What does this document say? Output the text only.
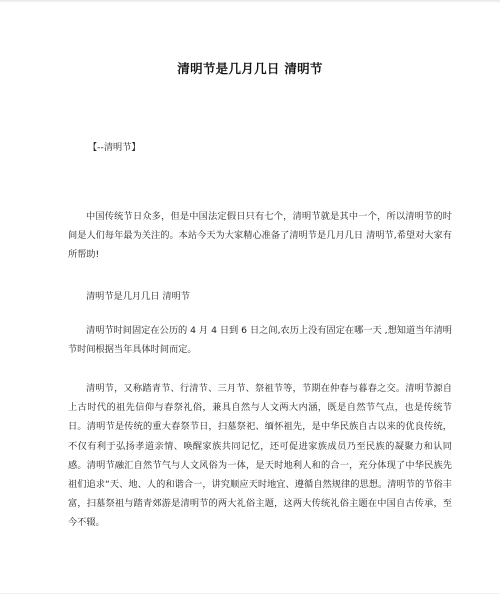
清明节是几月几日 清明节
【--清明节】

中国传统节日众多，但是中国法定假日只有七个，清明节就是其中一个，所以清明节的时间是人们每年最为关注的。本站今天为大家精心准备了清明节是几月几日 清明节,希望对大家有所帮助!

清明节是几月几日 清明节

清明节时间固定在公历的 4 月 4 日到 6 日之间,农历上没有固定在哪一天 ,想知道当年清明节时间根据当年具体时间而定。

清明节，又称踏青节、行清节、三月节、祭祖节等，节期在仲春与暮春之交。清明节源自上古时代的祖先信仰与春祭礼俗，兼具自然与人文两大内涵，既是自然节气点，也是传统节日。清明节是传统的重大春祭节日，扫墓祭祀、缅怀祖先，是中华民族自古以来的优良传统，不仅有利于弘扬孝道亲情、唤醒家族共同记忆，还可促进家族成员乃至民族的凝聚力和认同感。清明节融汇自然节气与人文风俗为一体，是天时地利人和的合一，充分体现了中华民族先祖们追求“天、地、人的和谐合一，讲究顺应天时地宜、遵循自然规律的思想。清明节的节俗丰富，扫墓祭祖与踏青郊游是清明节的两大礼俗主题，这两大传统礼俗主题在中国自古传承，至今不辍。
